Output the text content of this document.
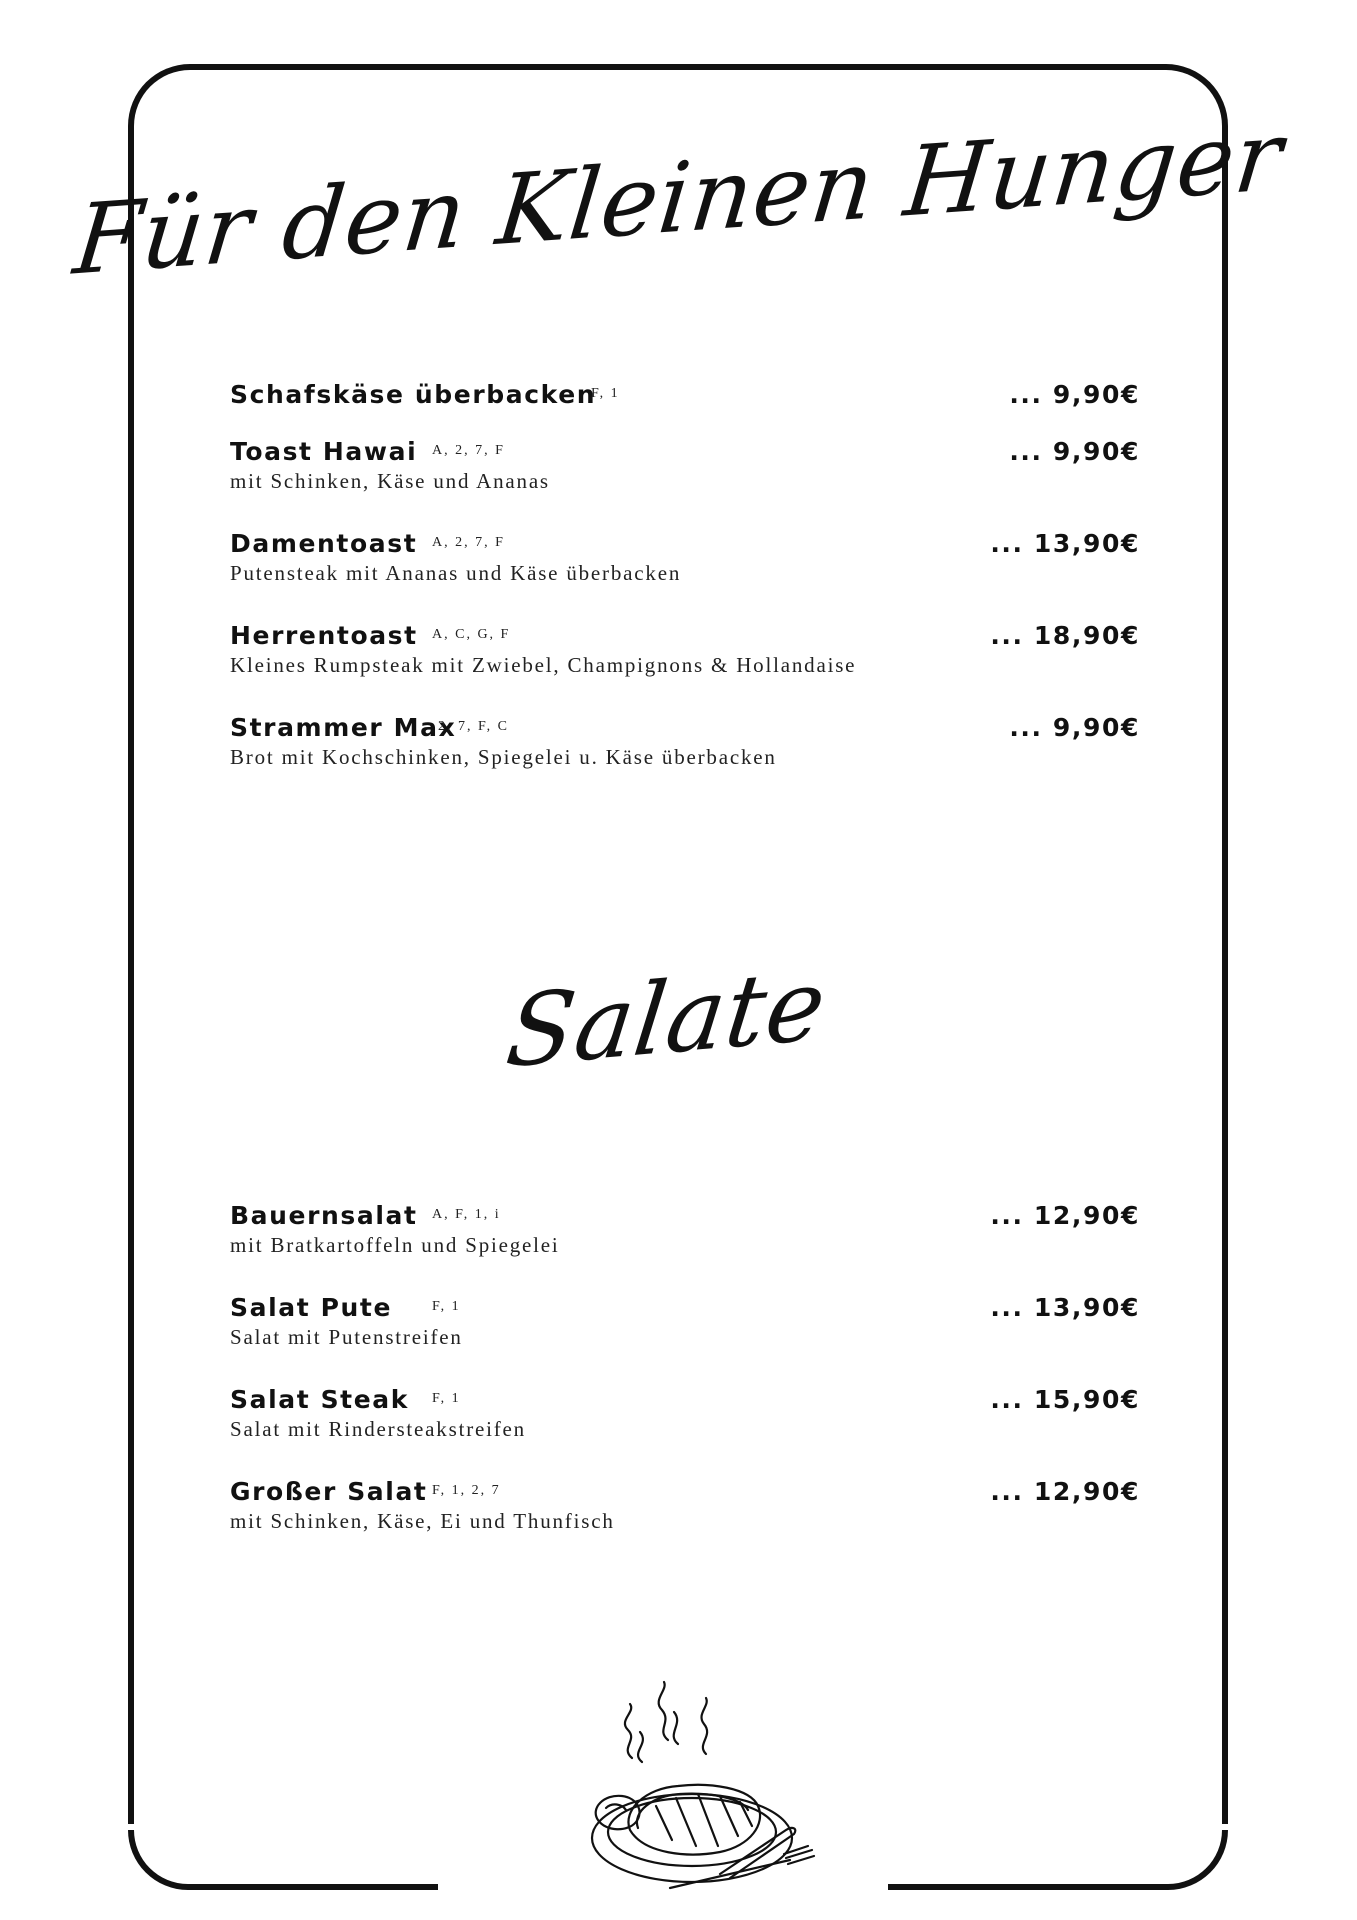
Für den Kleinen Hunger
Schafskäse überbacken
F, 1	... 9,90€
Toast Hawai A, 2, 7, F
mit Schinken, Käse und Ananas
... 9,90€
Damentoast A, 2, 7, F
Putensteak mit Ananas und Käse überbacken
... 13,90€
Herrentoast A, C, G, F
Kleines Rumpsteak mit Zwiebel, Champignons & Hollandaise
... 18,90€
Strammer Max
2, 7, F, C
Brot mit Kochschinken, Spiegelei u. Käse überbacken
... 9,90€
Salate
Bauernsalat A, F, 1, i
mit Bratkartoffeln und Spiegelei
... 12,90€
Salat Pute	F, 1
Salat mit Putenstreifen
... 13,90€
Salat Steak F, 1
Salat mit Rindersteakstreifen
... 15,90€
Großer Salat F, 1, 2, 7
mit Schinken, Käse, Ei und Thunfisch
... 12,90€
